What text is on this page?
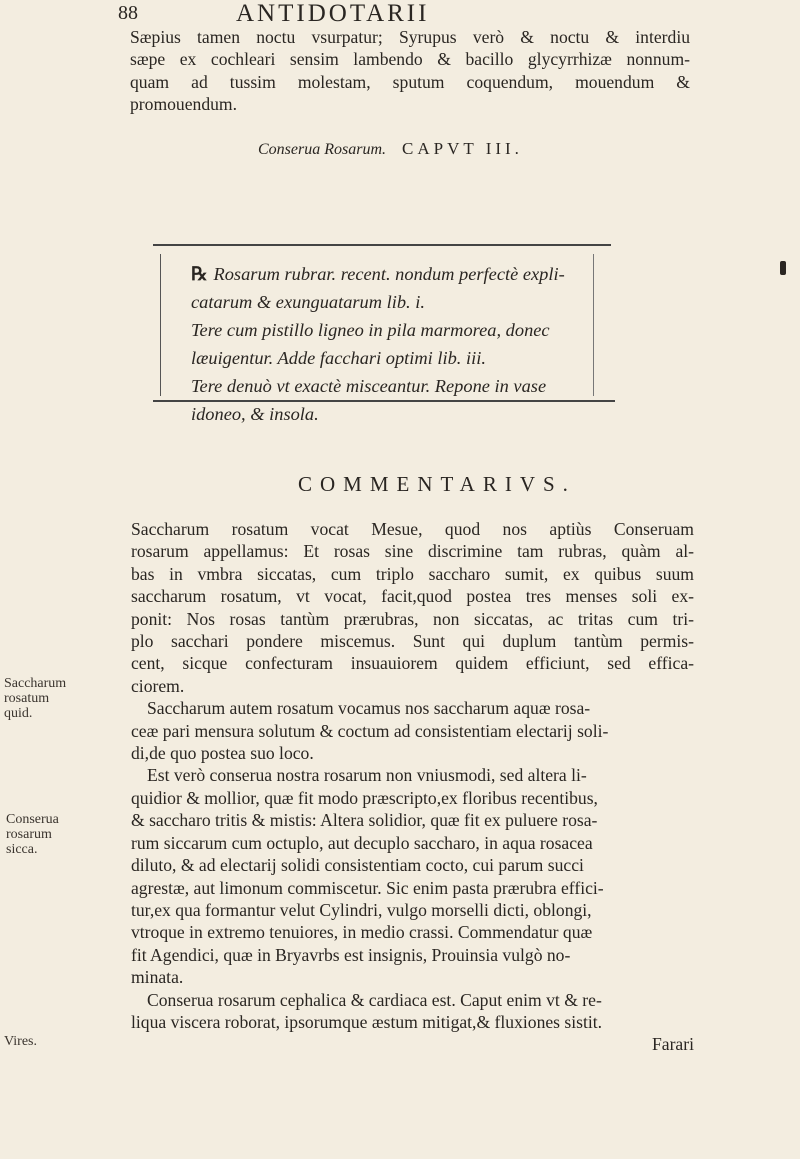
88	ANTIDOTARII
Sæpius tamen noctu vsurpatur; Syrupus verò & noctu & interdiu
sæpe ex cochleari sensim lambendo & bacillo glycyrrhizæ nonnum-
quam ad tussim molestam, sputum coquendum, mouendum &
promouendum.
Conserua Rosarum. CAPVT III.
℞ Rosarum rubrar. recent. nondum perfectè expli-
catarum & exunguatarum lib. i.
Tere cum pistillo ligneo in pila marmorea, donec
læuigentur. Adde facchari optimi lib. iii.
Tere denuò vt exactè misceantur. Repone in vase
idoneo, & insola.
COMMENTARIVS.
Saccharum rosatum vocat Mesue, quod nos aptiùs Conseruam
rosarum appellamus: Et rosas sine discrimine tam rubras, quàm al-
bas in vmbra siccatas, cum triplo saccharo sumit, ex quibus suum
saccharum rosatum, vt vocat, facit,quod postea tres menses soli ex-
ponit: Nos rosas tantùm prærubras, non siccatas, ac tritas cum tri-
plo sacchari pondere miscemus. Sunt qui duplum tantùm permis-
cent, sicque confecturam insuauiorem quidem efficiunt, sed effica-
ciorem.
Saccharum autem rosatum vocamus nos saccharum aquæ rosa-
ceæ pari mensura solutum & coctum ad consistentiam electarij soli-
di,de quo postea suo loco.
Est verò conserua nostra rosarum non vniusmodi, sed altera li-
quidior & mollior, quæ fit modo præscripto,ex floribus recentibus,
& saccharo tritis & mistis: Altera solidior, quæ fit ex puluere rosa-
rum siccarum cum octuplo, aut decuplo saccharo, in aqua rosacea
diluto, & ad electarij solidi consistentiam cocto, cui parum succi
agrestæ, aut limonum commiscetur. Sic enim pasta prærubra effici-
tur,ex qua formantur velut Cylindri, vulgo morselli dicti, oblongi,
vtroque in extremo tenuiores, in medio crassi. Commendatur quæ
fit Agendici, quæ in Bryavrbs est insignis, Prouinsia vulgò no-
minata.
Conserua rosarum cephalica & cardiaca est. Caput enim vt & re-
liqua viscera roborat, ipsorumque æstum mitigat,& fluxiones sistit.
Farari
Saccharum
rosatum
quid.
Conserua
rosarum
sicca.
Vires.
